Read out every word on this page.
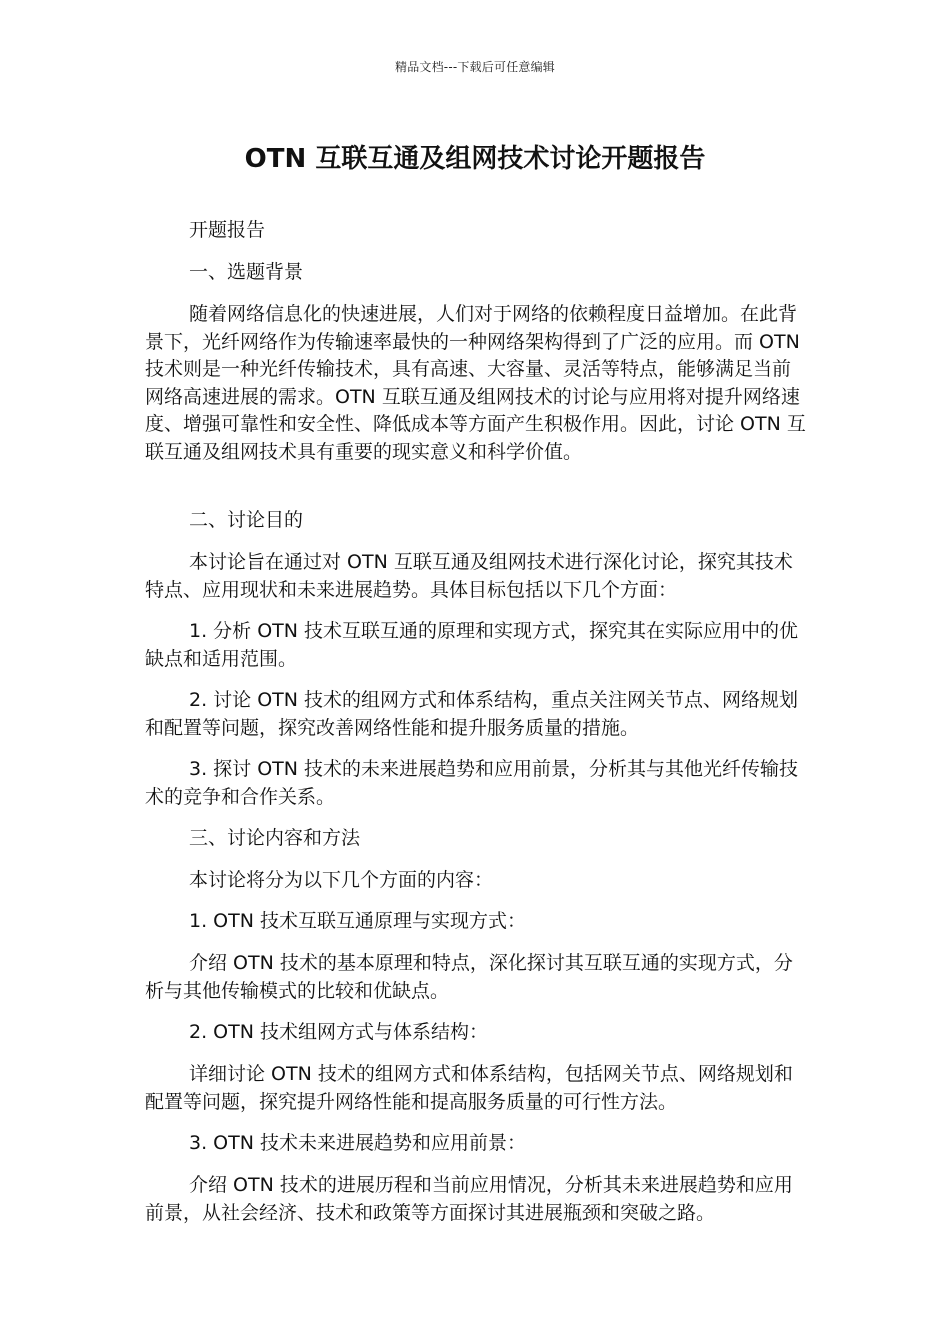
精品文档---下载后可任意编辑
OTN 互联互通及组网技术讨论开题报告

开题报告

一、选题背景

随着网络信息化的快速进展，人们对于网络的依赖程度日益增加。在此背景下，光纤网络作为传输速率最快的一种网络架构得到了广泛的应用。而 OTN 技术则是一种光纤传输技术，具有高速、大容量、灵活等特点，能够满足当前网络高速进展的需求。OTN 互联互通及组网技术的讨论与应用将对提升网络速度、增强可靠性和安全性、降低成本等方面产生积极作用。因此，讨论 OTN 互联互通及组网技术具有重要的现实意义和科学价值。

二、讨论目的

本讨论旨在通过对 OTN 互联互通及组网技术进行深化讨论，探究其技术特点、应用现状和未来进展趋势。具体目标包括以下几个方面：

1. 分析 OTN 技术互联互通的原理和实现方式，探究其在实际应用中的优缺点和适用范围。

2. 讨论 OTN 技术的组网方式和体系结构，重点关注网关节点、网络规划和配置等问题，探究改善网络性能和提升服务质量的措施。

3. 探讨 OTN 技术的未来进展趋势和应用前景，分析其与其他光纤传输技术的竞争和合作关系。

三、讨论内容和方法

本讨论将分为以下几个方面的内容：

1. OTN 技术互联互通原理与实现方式：

介绍 OTN 技术的基本原理和特点，深化探讨其互联互通的实现方式，分析与其他传输模式的比较和优缺点。

2. OTN 技术组网方式与体系结构：

详细讨论 OTN 技术的组网方式和体系结构，包括网关节点、网络规划和配置等问题，探究提升网络性能和提高服务质量的可行性方法。

3. OTN 技术未来进展趋势和应用前景：

介绍 OTN 技术的进展历程和当前应用情况，分析其未来进展趋势和应用前景，从社会经济、技术和政策等方面探讨其进展瓶颈和突破之路。
